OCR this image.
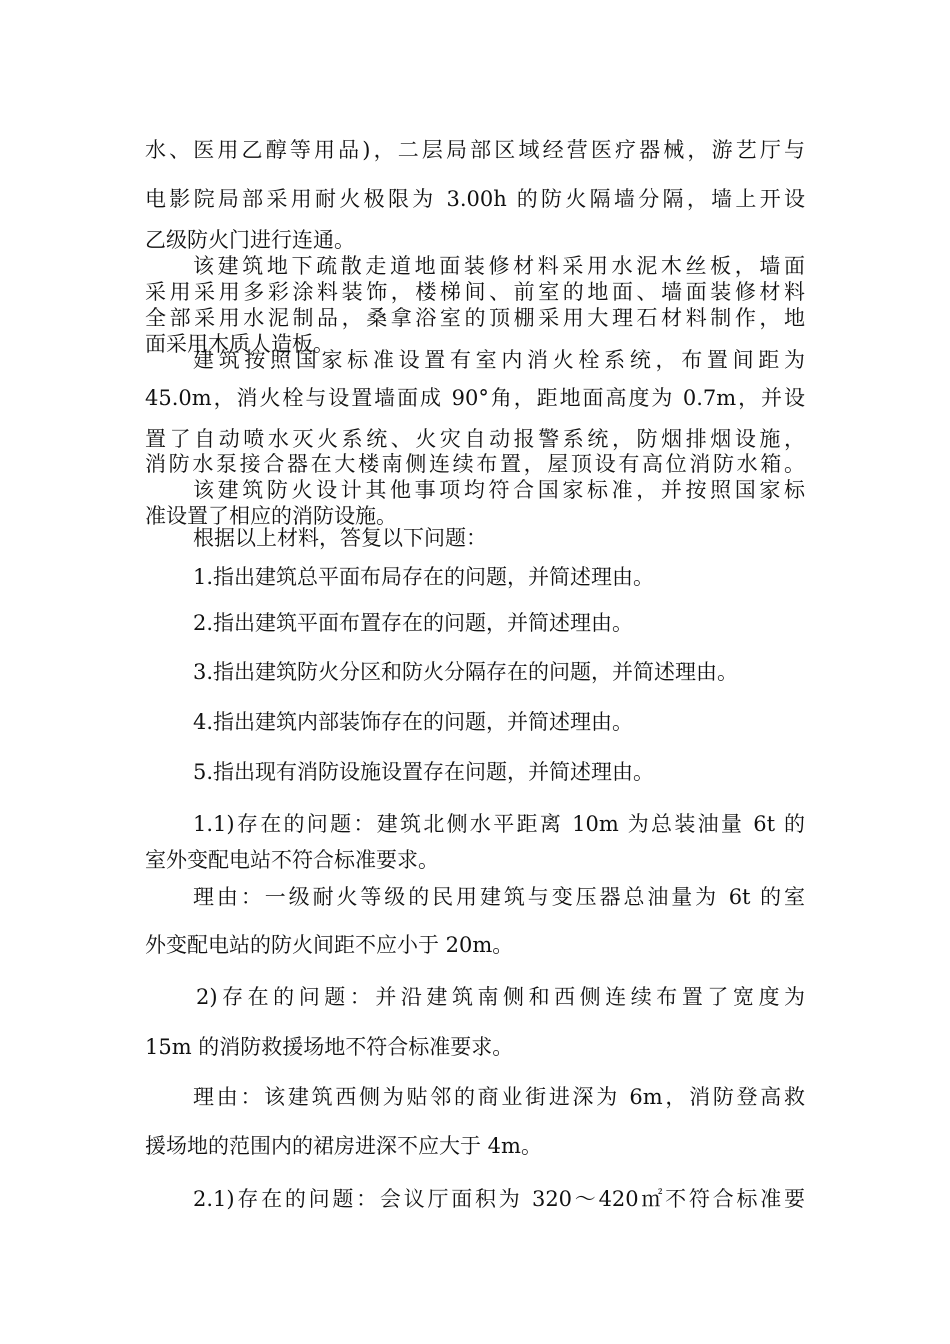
水、医用乙醇等用品)，二层局部区域经营医疗器械，游艺厅与
电影院局部采用耐火极限为 3.00h 的防火隔墙分隔，墙上开设
乙级防火门进行连通。
该建筑地下疏散走道地面装修材料采用水泥木丝板，墙面
采用采用多彩涂料装饰，楼梯间、前室的地面、墙面装修材料
全部采用水泥制品，桑拿浴室的顶棚采用大理石材料制作，地
面采用木质人造板。
建筑按照国家标准设置有室内消火栓系统，布置间距为
45.0m，消火栓与设置墙面成 90°角，距地面高度为 0.7m，并设
置了自动喷水灭火系统、火灾自动报警系统，防烟排烟设施，
消防水泵接合器在大楼南侧连续布置，屋顶设有高位消防水箱。
该建筑防火设计其他事项均符合国家标准，并按照国家标
准设置了相应的消防设施。
根据以上材料，答复以下问题：
1.指出建筑总平面布局存在的问题，并简述理由。
2.指出建筑平面布置存在的问题，并简述理由。
3.指出建筑防火分区和防火分隔存在的问题，并简述理由。
4.指出建筑内部装饰存在的问题，并简述理由。
5.指出现有消防设施设置存在问题，并简述理由。
1.1)存在的问题：建筑北侧水平距离 10m 为总装油量 6t 的
室外变配电站不符合标准要求。
理由：一级耐火等级的民用建筑与变压器总油量为 6t 的室
外变配电站的防火间距不应小于 20m。
2)存在的问题：并沿建筑南侧和西侧连续布置了宽度为
15m 的消防救援场地不符合标准要求。
理由：该建筑西侧为贴邻的商业街进深为 6m，消防登高救
援场地的范围内的裙房进深不应大于 4m。
2.1)存在的问题：会议厅面积为 320～420㎡不符合标准要
